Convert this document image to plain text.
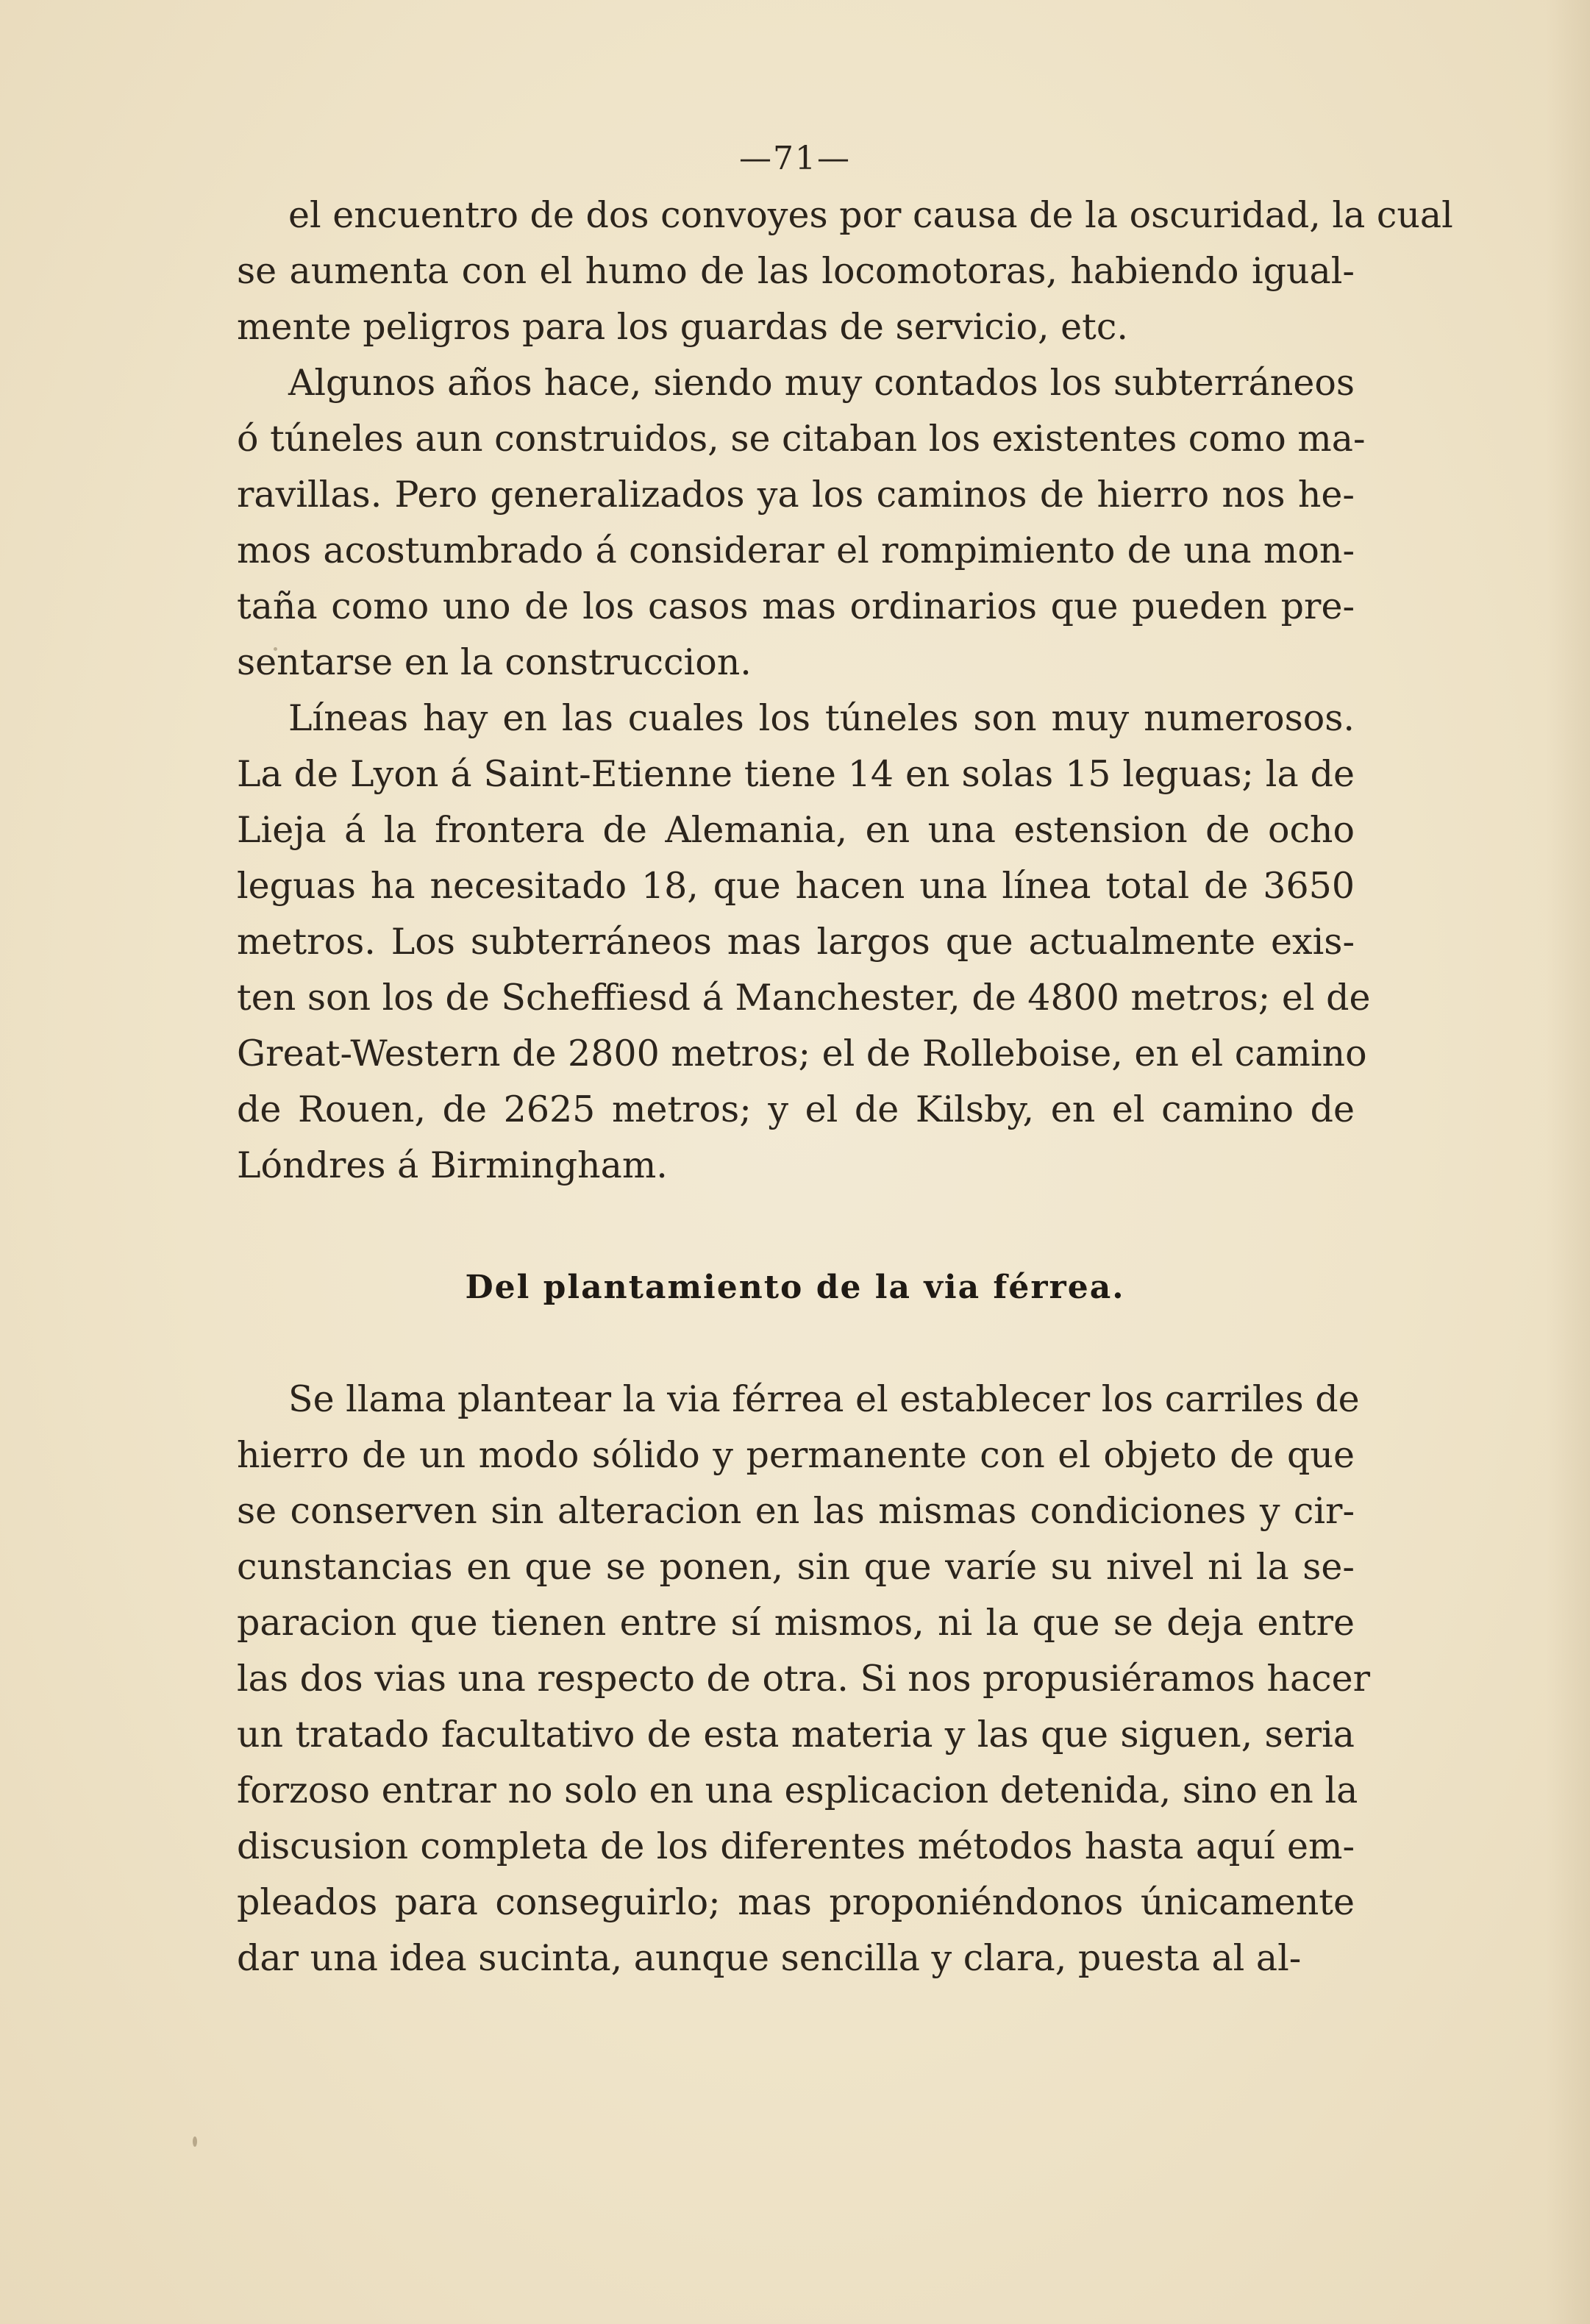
—71—
el encuentro de dos convoyes por causa de la oscuridad, la cual
se aumenta con el humo de las locomotoras, habiendo igual-
mente peligros para los guardas de servicio, etc.
Algunos años hace, siendo muy contados los subterráneos
ó túneles aun construidos, se citaban los existentes como ma-
ravillas. Pero generalizados ya los caminos de hierro nos he-
mos acostumbrado á considerar el rompimiento de una mon-
taña como uno de los casos mas ordinarios que pueden pre-
sentarse en la construccion.
Líneas hay en las cuales los túneles son muy numerosos.
La de Lyon á Saint-Etienne tiene 14 en solas 15 leguas; la de
Lieja á la frontera de Alemania, en una estension de ocho
leguas ha necesitado 18, que hacen una línea total de 3650
metros. Los subterráneos mas largos que actualmente exis-
ten son los de Scheffiesd á Manchester, de 4800 metros; el de
Great-Western de 2800 metros; el de Rolleboise, en el camino
de Rouen, de 2625 metros; y el de Kilsby, en el camino de
Lóndres á Birmingham.
Del plantamiento de la via férrea.
Se llama plantear la via férrea el establecer los carriles de
hierro de un modo sólido y permanente con el objeto de que
se conserven sin alteracion en las mismas condiciones y cir-
cunstancias en que se ponen, sin que varíe su nivel ni la se-
paracion que tienen entre sí mismos, ni la que se deja entre
las dos vias una respecto de otra. Si nos propusiéramos hacer
un tratado facultativo de esta materia y las que siguen, seria
forzoso entrar no solo en una esplicacion detenida, sino en la
discusion completa de los diferentes métodos hasta aquí em-
pleados para conseguirlo; mas proponiéndonos únicamente
dar una idea sucinta, aunque sencilla y clara, puesta al al-
